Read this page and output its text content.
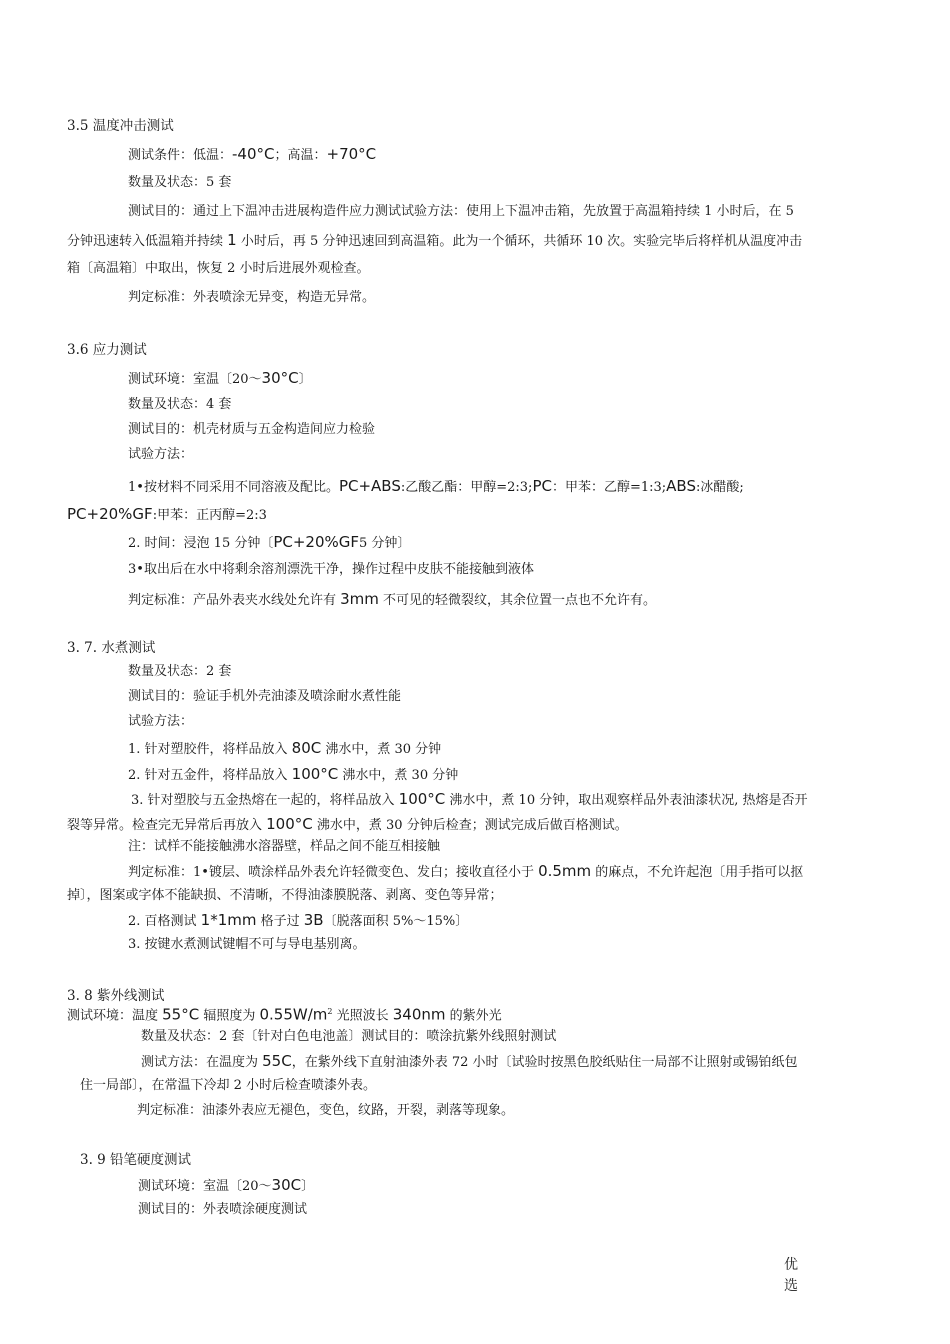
3.5 温度冲击测试
测试条件：低温：-40°C；高温：+70°C
数量及状态：5 套
测试目的：通过上下温冲击进展构造件应力测试试验方法：使用上下温冲击箱，先放置于高温箱持续 1 小时后，在 5
分钟迅速转入低温箱并持续 1 小时后，再 5 分钟迅速回到高温箱。此为一个循环，共循环 10 次。实验完毕后将样机从温度冲击
箱〔高温箱〕中取出，恢复 2 小时后进展外观检查。
判定标准：外表喷涂无异变，构造无异常。
3.6 应力测试
测试环境：室温〔20～30°C〕
数量及状态：4 套
测试目的：机壳材质与五金构造间应力检验
试验方法：
1•按材料不同采用不同溶液及配比。PC+ABS:乙酸乙酯：甲醇=2:3;PC：甲苯：乙醇=1:3;ABS:冰醋酸;
PC+20%GF:甲苯：正丙醇=2:3
2. 时间：浸泡 15 分钟〔PC+20%GF5 分钟〕
3•取出后在水中将剩余溶剂漂洗干净，操作过程中皮肤不能接触到液体
判定标准：产品外表夹水线处允许有 3mm 不可见的轻微裂纹，其余位置一点也不允许有。
3. 7. 水煮测试
数量及状态：2 套
测试目的：验证手机外壳油漆及喷涂耐水煮性能
试验方法：
1. 针对塑胶件，将样品放入 80C 沸水中，煮 30 分钟
2. 针对五金件，将样品放入 100°C 沸水中，煮 30 分钟
3. 针对塑胶与五金热熔在一起的，将样品放入 100°C 沸水中，煮 10 分钟，取出观察样品外表油漆状况, 热熔是否开
裂等异常。检查完无异常后再放入 100°C 沸水中，煮 30 分钟后检查；测试完成后做百格测试。
注：试样不能接触沸水溶器壁，样品之间不能互相接触
判定标准：1•镀层、喷涂样品外表允许轻微变色、发白；接收直径小于 0.5mm 的麻点，不允许起泡〔用手指可以抠
掉〕，图案或字体不能缺损、不清晰，不得油漆膜脱落、剥离、变色等异常；
2. 百格测试 1*1mm 格子过 3B〔脱落面积 5%～15%〕
3. 按键水煮测试键帽不可与导电基别离。
3. 8 紫外线测试
测试环境：温度 55°C 辐照度为 $0.55W/m^2$ 光照波长 340nm 的紫外光
数量及状态：2 套〔针对白色电池盖〕测试目的：喷涂抗紫外线照射测试
测试方法：在温度为 55C，在紫外线下直射油漆外表 72 小时〔试验时按黑色胶纸贴住一局部不让照射或锡铂纸包
住一局部〕，在常温下冷却 2 小时后检查喷漆外表。
判定标准：油漆外表应无褪色，变色，纹路，开裂，剥落等现象。
3. 9 铅笔硬度测试
测试环境：室温〔20～30C〕
测试目的：外表喷涂硬度测试
优
选
